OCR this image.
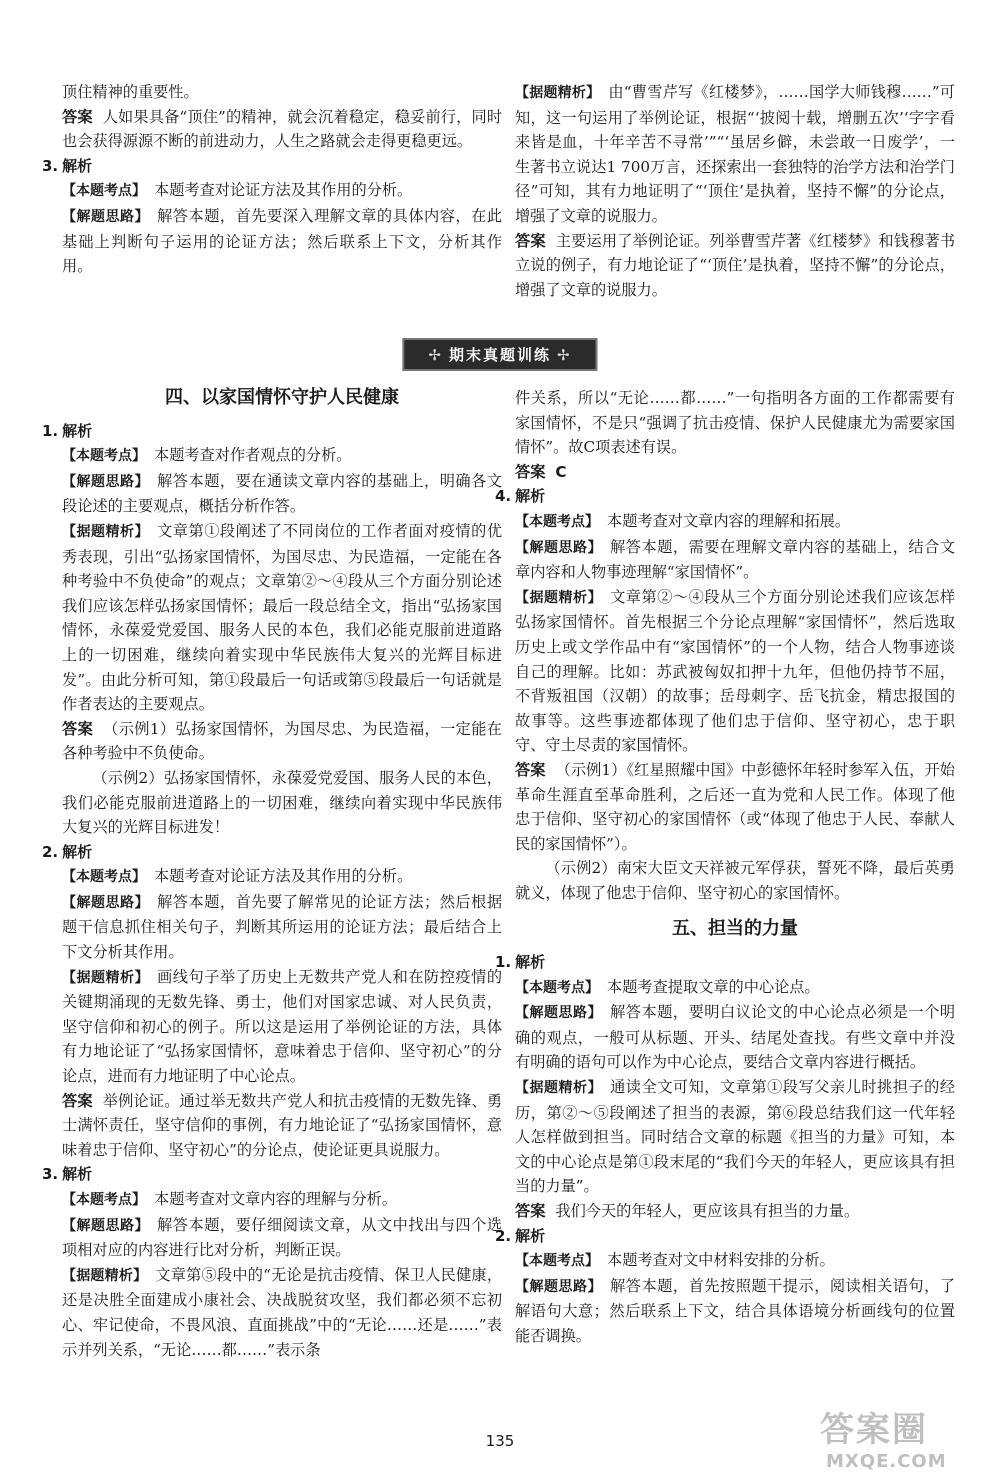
顶住精神的重要性。

答案 人如果具备“顶住”的精神，就会沉着稳定，稳妥前行，同时也会获得源源不断的前进动力，人生之路就会走得更稳更远。

3. 解析

【本题考点】 本题考查对论证方法及其作用的分析。

【解题思路】 解答本题，首先要深入理解文章的具体内容，在此基础上判断句子运用的论证方法；然后联系上下文，分析其作用。

【据题精析】 由“曹雪芹写《红楼梦》，……国学大师钱穆……”可知，这一句运用了举例论证，根据“‘披阅十载，增删五次’‘字字看来皆是血，十年辛苦不寻常’”“‘虽居乡僻，未尝敢一日废学’，一生著书立说达1 700万言，还探索出一套独特的治学方法和治学门径”可知，其有力地证明了“‘顶住’是执着，坚持不懈”的分论点，增强了文章的说服力。

答案 主要运用了举例论证。列举曹雪芹著《红楼梦》和钱穆著书立说的例子，有力地论证了“‘顶住’是执着，坚持不懈”的分论点，增强了文章的说服力。

✢ 期末真题训练 ✢
四、以家国情怀守护人民健康

1. 解析

【本题考点】 本题考查对作者观点的分析。

【解题思路】 解答本题，要在通读文章内容的基础上，明确各文段论述的主要观点，概括分析作答。

【据题精析】 文章第①段阐述了不同岗位的工作者面对疫情的优秀表现，引出“弘扬家国情怀，为国尽忠、为民造福，一定能在各种考验中不负使命”的观点；文章第②～④段从三个方面分别论述我们应该怎样弘扬家国情怀；最后一段总结全文，指出“弘扬家国情怀，永葆爱党爱国、服务人民的本色，我们必能克服前进道路上的一切困难，继续向着实现中华民族伟大复兴的光辉目标进发”。由此分析可知，第①段最后一句话或第⑤段最后一句话就是作者表达的主要观点。

答案 （示例1）弘扬家国情怀，为国尽忠、为民造福，一定能在各种考验中不负使命。

（示例2）弘扬家国情怀，永葆爱党爱国、服务人民的本色，我们必能克服前进道路上的一切困难，继续向着实现中华民族伟大复兴的光辉目标进发！

2. 解析

【本题考点】 本题考查对论证方法及其作用的分析。

【解题思路】 解答本题，首先要了解常见的论证方法；然后根据题干信息抓住相关句子，判断其所运用的论证方法；最后结合上下文分析其作用。

【据题精析】 画线句子举了历史上无数共产党人和在防控疫情的关键期涌现的无数先锋、勇士，他们对国家忠诚、对人民负责，坚守信仰和初心的例子。所以这是运用了举例论证的方法，具体有力地论证了“弘扬家国情怀，意味着忠于信仰、坚守初心”的分论点，进而有力地证明了中心论点。

答案 举例论证。通过举无数共产党人和抗击疫情的无数先锋、勇士满怀责任，坚守信仰的事例，有力地论证了“弘扬家国情怀，意味着忠于信仰、坚守初心”的分论点，使论证更具说服力。

3. 解析

【本题考点】 本题考查对文章内容的理解与分析。

【解题思路】 解答本题，要仔细阅读文章，从文中找出与四个选项相对应的内容进行比对分析，判断正误。

【据题精析】 文章第⑤段中的“无论是抗击疫情、保卫人民健康，还是决胜全面建成小康社会、决战脱贫攻坚，我们都必须不忘初心、牢记使命，不畏风浪、直面挑战”中的“无论……还是……”表示并列关系，“无论……都……”表示条

件关系，所以“无论……都……”一句指明各方面的工作都需要有家国情怀，不是只“强调了抗击疫情、保护人民健康尤为需要家国情怀”。故C项表述有误。

答案 C

4. 解析

【本题考点】 本题考查对文章内容的理解和拓展。

【解题思路】 解答本题，需要在理解文章内容的基础上，结合文章内容和人物事迹理解“家国情怀”。

【据题精析】 文章第②～④段从三个方面分别论述我们应该怎样弘扬家国情怀。首先根据三个分论点理解“家国情怀”，然后选取历史上或文学作品中有“家国情怀”的一个人物，结合人物事迹谈自己的理解。比如：苏武被匈奴扣押十九年，但他仍持节不屈，不背叛祖国（汉朝）的故事；岳母刺字、岳飞抗金，精忠报国的故事等。这些事迹都体现了他们忠于信仰、坚守初心，忠于职守、守土尽责的家国情怀。

答案 （示例1）《红星照耀中国》中彭德怀年轻时参军入伍，开始革命生涯直至革命胜利，之后还一直为党和人民工作。体现了他忠于信仰、坚守初心的家国情怀（或“体现了他忠于人民、奉献人民的家国情怀”）。

（示例2）南宋大臣文天祥被元军俘获，誓死不降，最后英勇就义，体现了他忠于信仰、坚守初心的家国情怀。

五、担当的力量

1. 解析

【本题考点】 本题考查提取文章的中心论点。

【解题思路】 解答本题，要明白议论文的中心论点必须是一个明确的观点，一般可从标题、开头、结尾处查找。有些文章中并没有明确的语句可以作为中心论点，要结合文章内容进行概括。

【据题精析】 通读全文可知，文章第①段写父亲儿时挑担子的经历，第②～⑤段阐述了担当的表源，第⑥段总结我们这一代年轻人怎样做到担当。同时结合文章的标题《担当的力量》可知，本文的中心论点是第①段末尾的“我们今天的年轻人，更应该具有担当的力量”。

答案 我们今天的年轻人，更应该具有担当的力量。

2. 解析

【本题考点】 本题考查对文中材料安排的分析。

【解题思路】 解答本题，首先按照题干提示，阅读相关语句，了解语句大意；然后联系上下文，结合具体语境分析画线句的位置能否调换。

135	答案圈
MXQE.COM
